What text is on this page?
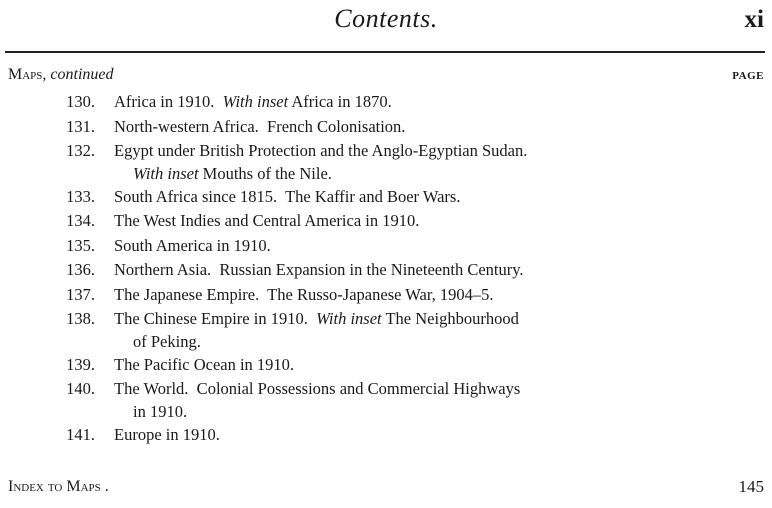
Contents.	xi
Maps, continued	PAGE
130.	Africa in 1910.  With inset Africa in 1870.
131.	North-western Africa.  French Colonisation.
132.	Egypt under British Protection and the Anglo-Egyptian Sudan.
With inset Mouths of the Nile.
133.	South Africa since 1815.  The Kaffir and Boer Wars.
134.	The West Indies and Central America in 1910.
135.	South America in 1910.
136.	Northern Asia.  Russian Expansion in the Nineteenth Century.
137.	The Japanese Empire.  The Russo-Japanese War, 1904–5.
138.	The Chinese Empire in 1910.  With inset The Neighbourhood
of Peking.
139.	The Pacific Ocean in 1910.
140.	The World.  Colonial Possessions and Commercial Highways
in 1910.
141.	Europe in 1910.
Index to Maps .	145
